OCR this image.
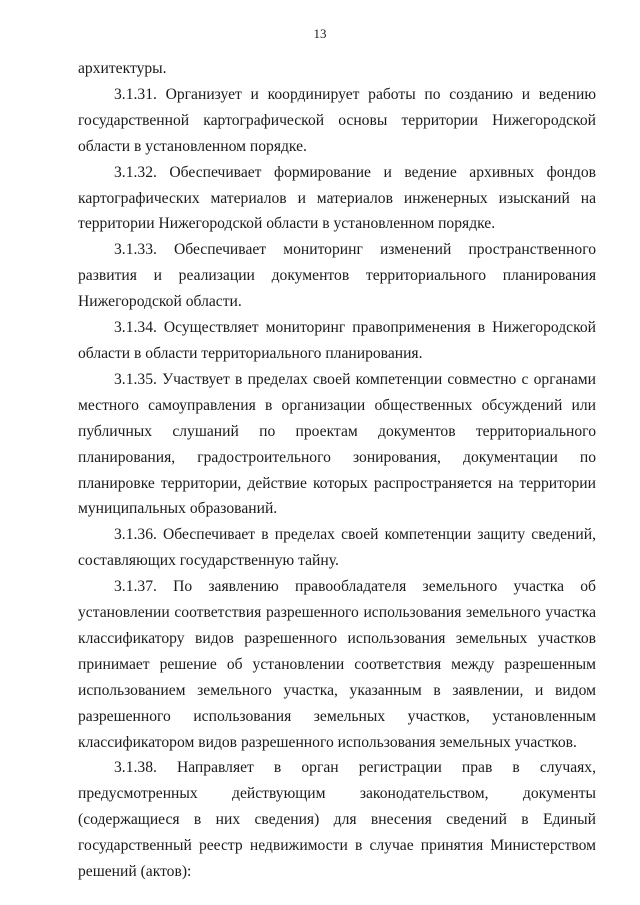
13

архитектуры.

3.1.31. Организует и координирует работы по созданию и ведению государственной картографической основы территории Нижегородской области в установленном порядке.

3.1.32. Обеспечивает формирование и ведение архивных фондов картографических материалов и материалов инженерных изысканий на территории Нижегородской области в установленном порядке.

3.1.33. Обеспечивает мониторинг изменений пространственного развития и реализации документов территориального планирования Нижегородской области.

3.1.34. Осуществляет мониторинг правоприменения в Нижегородской области в области территориального планирования.

3.1.35. Участвует в пределах своей компетенции совместно с органами местного самоуправления в организации общественных обсуждений или публичных слушаний по проектам документов территориального планирования, градостроительного зонирования, документации по планировке территории, действие которых распространяется на территории муниципальных образований.

3.1.36. Обеспечивает в пределах своей компетенции защиту сведений, составляющих государственную тайну.

3.1.37. По заявлению правообладателя земельного участка об установлении соответствия разрешенного использования земельного участка классификатору видов разрешенного использования земельных участков принимает решение об установлении соответствия между разрешенным использованием земельного участка, указанным в заявлении, и видом разрешенного использования земельных участков, установленным классификатором видов разрешенного использования земельных участков.

3.1.38. Направляет в орган регистрации прав в случаях, предусмотренных действующим законодательством, документы (содержащиеся в них сведения) для внесения сведений в Единый государственный реестр недвижимости в случае принятия Министерством решений (актов):
